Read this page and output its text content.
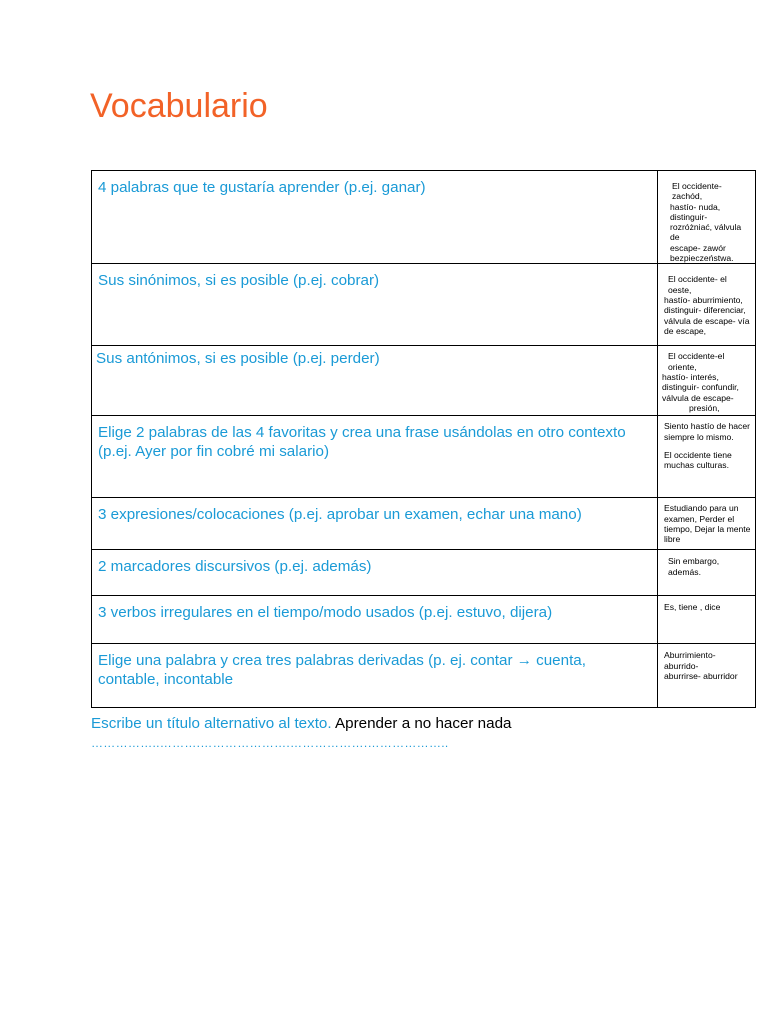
Vocabulario
4 palabras que te gustaría aprender (p.ej. ganar)	El occidente- zachód,
hastío- nuda, distinguir-
rozróżniać, válvula de
escape- zawór
bezpieczeństwa.

Sus sinónimos, si es posible (p.ej. cobrar)	El occidente- el oeste,
hastío- aburrimiento,
distinguir- diferenciar,
válvula de escape- vía
de escape,

Sus antónimos, si es posible (p.ej. perder)	El occidente-el oriente,
hastío- interés,
distinguir- confundir,
válvula de escape-
presión,

Elige 2 palabras de las 4 favoritas y crea una frase usándolas en otro contexto (p.ej. Ayer por fin cobré mi salario)	Siento hastío de hacer
siempre lo mismo.
El occidente tiene
muchas culturas.

3 expresiones/colocaciones (p.ej. aprobar un examen, echar una mano)	Estudiando para un
examen, Perder el
tiempo, Dejar la mente
libre

2 marcadores discursivos (p.ej. además)	Sin embargo, además.

3 verbos irregulares en el tiempo/modo usados (p.ej. estuvo, dijera)	Es, tiene , dice

Elige una palabra y crea tres palabras derivadas (p. ej. contar → cuenta, contable, incontable	Aburrimiento- aburrido-
aburrirse- aburridor
Escribe un título alternativo al texto. Aprender a no hacer nada
……………..……….………………….……………….………………..
